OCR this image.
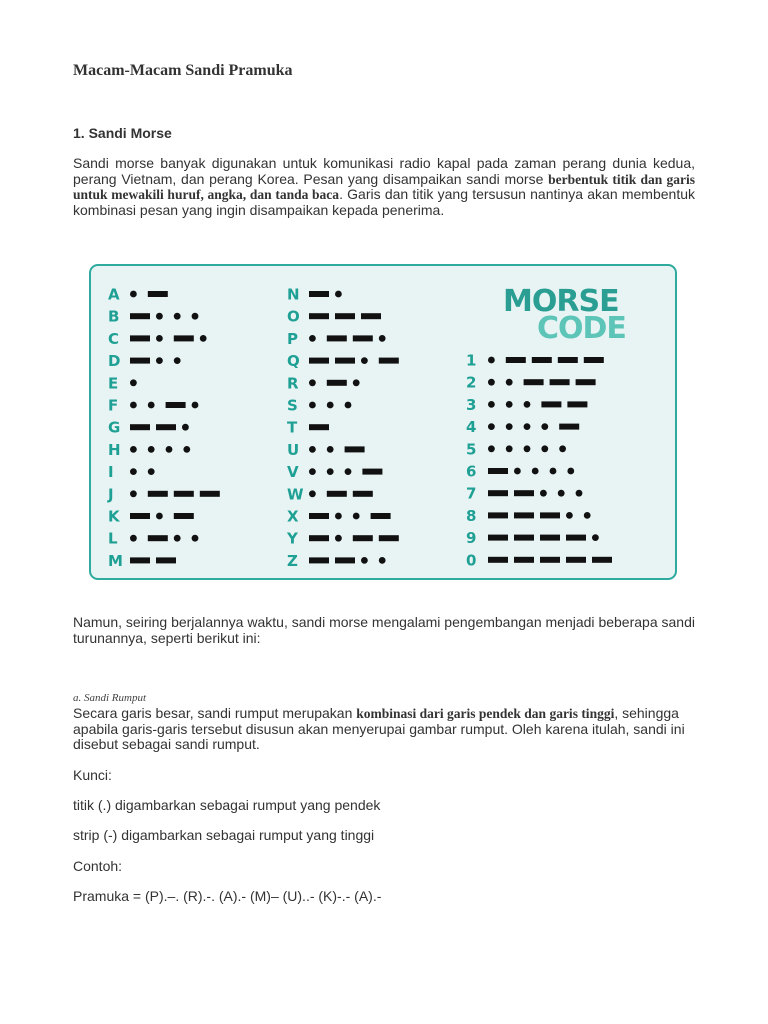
Macam-Macam Sandi Pramuka
1. Sandi Morse
Sandi morse banyak digunakan untuk komunikasi radio kapal pada zaman perang dunia kedua, perang Vietnam, dan perang Korea. Pesan yang disampaikan sandi morse berbentuk titik dan garis untuk mewakili huruf, angka, dan tanda baca. Garis dan titik yang tersusun nantinya akan membentuk kombinasi pesan yang ingin disampaikan kepada penerima.
MORSE
CODE
A
B
C
D
E
F
G
H
I
J
K
L
M
N
O
P
Q
R
S
T
U
V
W
X
Y
Z
1
2
3
4
5
6
7
8
9
0
Namun, seiring berjalannya waktu, sandi morse mengalami pengembangan menjadi beberapa sandi turunannya, seperti berikut ini:
a. Sandi Rumput
Secara garis besar, sandi rumput merupakan kombinasi dari garis pendek dan garis tinggi, sehingga apabila garis-garis tersebut disusun akan menyerupai gambar rumput. Oleh karena itulah, sandi ini disebut sebagai sandi rumput.
Kunci:
titik (.) digambarkan sebagai rumput yang pendek
strip (-) digambarkan sebagai rumput yang tinggi
Contoh:
Pramuka = (P).–. (R).-. (A).- (M)– (U)..- (K)-.- (A).-
